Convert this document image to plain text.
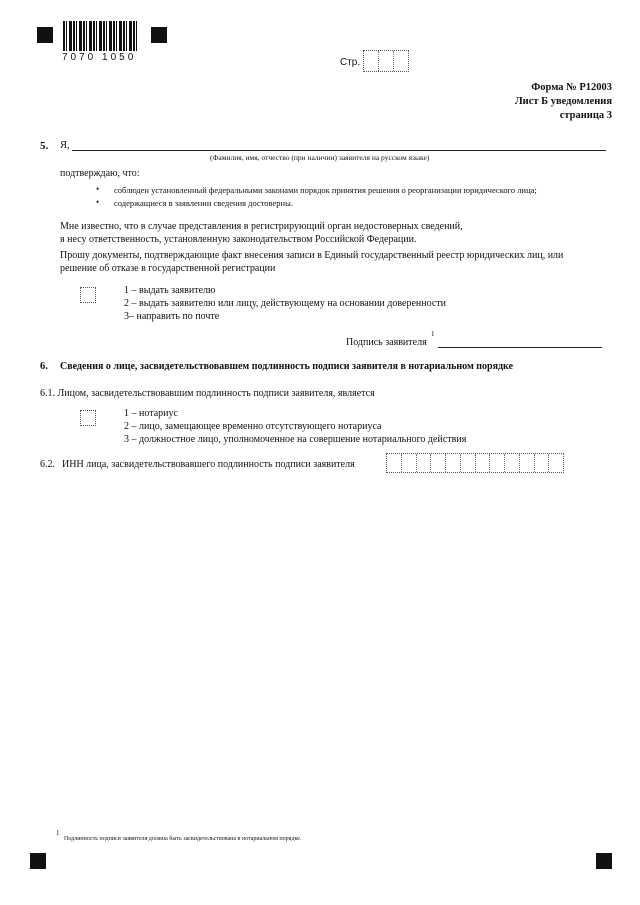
7070 1050	Стр.
Форма № Р12003
Лист Б уведомления
страница 3
5. Я,
(Фамилия, имя, отчество (при наличии) заявителя на русском языке)
подтверждаю, что:
• соблюден установленный федеральными законами порядок принятия решения о реорганизации юридического лица;
• содержащиеся в заявлении сведения достоверны.
Мне известно, что в случае представления в регистрирующий орган недостоверных сведений,
я несу ответственность, установленную законодательством Российской Федерации.
Прошу документы, подтверждающие факт внесения записи в Единый государственный реестр юридических лиц, или
решение об отказе в государственной регистрации
1 – выдать заявителю
2 – выдать заявителю или лицу, действующему на основании доверенности
3– направить по почте
Подпись заявителя
1
6. Сведения о лице, засвидетельствовавшем подлинность подписи заявителя в нотариальном порядке
6.1. Лицом, засвидетельствовавшим подлинность подписи заявителя, является
1 – нотариус
2 – лицо, замещающее временно отсутствующего нотариуса
3 – должностное лицо, уполномоченное на совершение нотариального действия
6.2. ИНН лица, засвидетельствовавшего подлинность подписи заявителя
1
Подлинность подписи заявителя должна быть засвидетельствована в нотариальном порядке.
